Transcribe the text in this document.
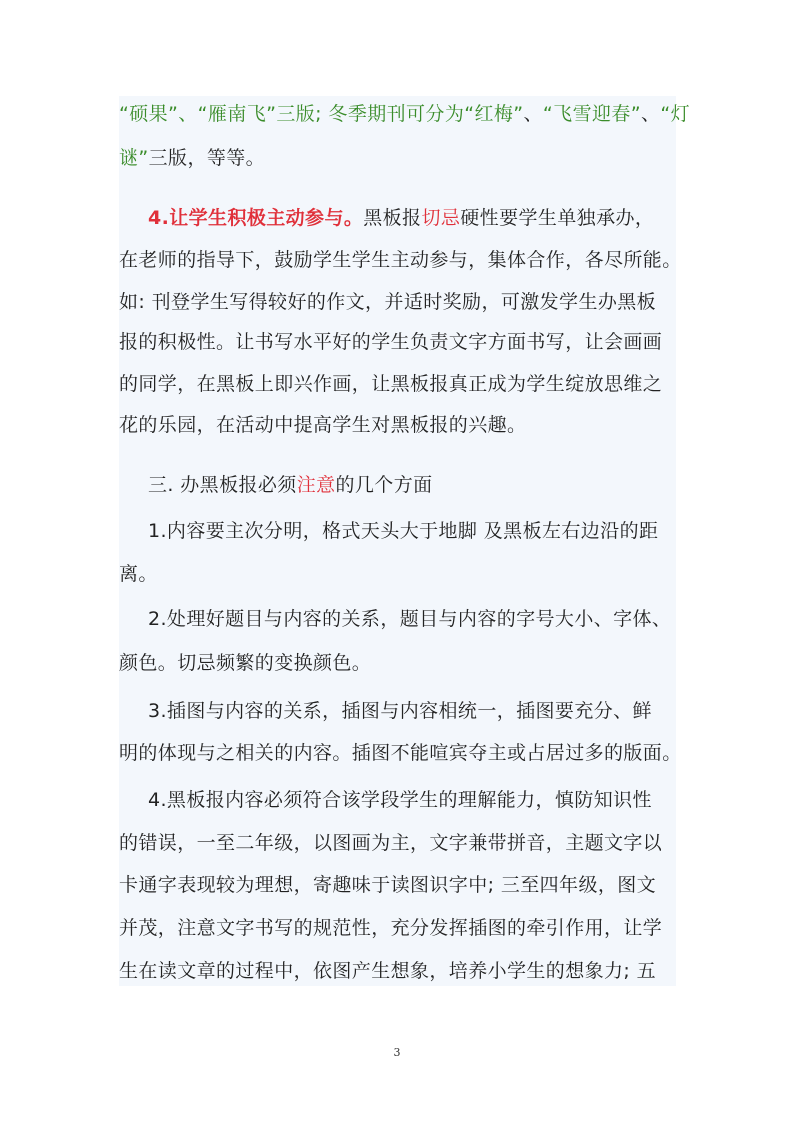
“硕果”、“雁南飞”三版; 冬季期刊可分为“红梅”、“飞雪迎春”、“灯
谜”三版，等等。
4.让学生积极主动参与。黑板报切忌硬性要学生单独承办，
在老师的指导下，鼓励学生学生主动参与，集体合作，各尽所能。
如: 刊登学生写得较好的作文，并适时奖励，可激发学生办黑板
报的积极性。让书写水平好的学生负责文字方面书写，让会画画
的同学，在黑板上即兴作画，让黑板报真正成为学生绽放思维之
花的乐园，在活动中提高学生对黑板报的兴趣。
三. 办黑板报必须注意的几个方面
1.内容要主次分明，格式天头大于地脚 及黑板左右边沿的距
离。
2.处理好题目与内容的关系，题目与内容的字号大小、字体、
颜色。切忌频繁的变换颜色。
3.插图与内容的关系，插图与内容相统一，插图要充分、鲜
明的体现与之相关的内容。插图不能喧宾夺主或占居过多的版面。
4.黑板报内容必须符合该学段学生的理解能力，慎防知识性
的错误，一至二年级，以图画为主，文字兼带拼音，主题文字以
卡通字表现较为理想，寄趣味于读图识字中; 三至四年级，图文
并茂，注意文字书写的规范性，充分发挥插图的牵引作用，让学
生在读文章的过程中，依图产生想象，培养小学生的想象力; 五
3
